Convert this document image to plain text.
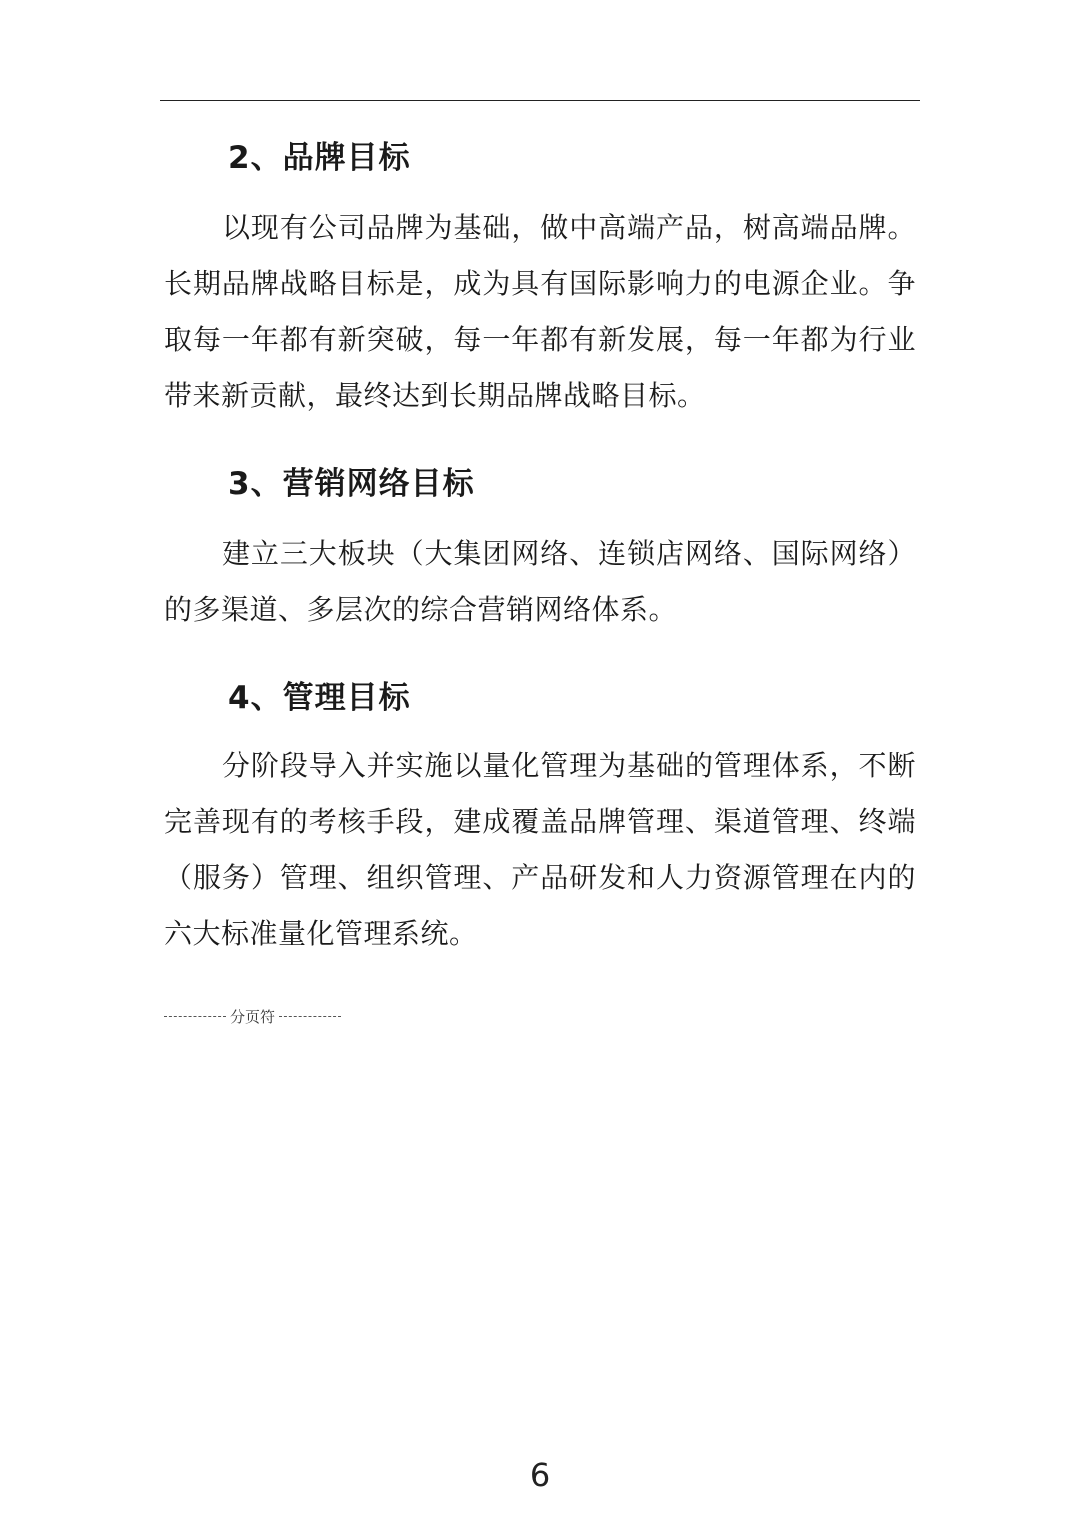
2、品牌目标

以现有公司品牌为基础，做中高端产品，树高端品牌。长期品牌战略目标是，成为具有国际影响力的电源企业。争取每一年都有新突破，每一年都有新发展，每一年都为行业带来新贡献，最终达到长期品牌战略目标。

3、营销网络目标

建立三大板块（大集团网络、连锁店网络、国际网络）的多渠道、多层次的综合营销网络体系。

4、管理目标

分阶段导入并实施以量化管理为基础的管理体系，不断完善现有的考核手段，建成覆盖品牌管理、渠道管理、终端（服务）管理、组织管理、产品研发和人力资源管理在内的六大标准量化管理系统。

分页符
6
